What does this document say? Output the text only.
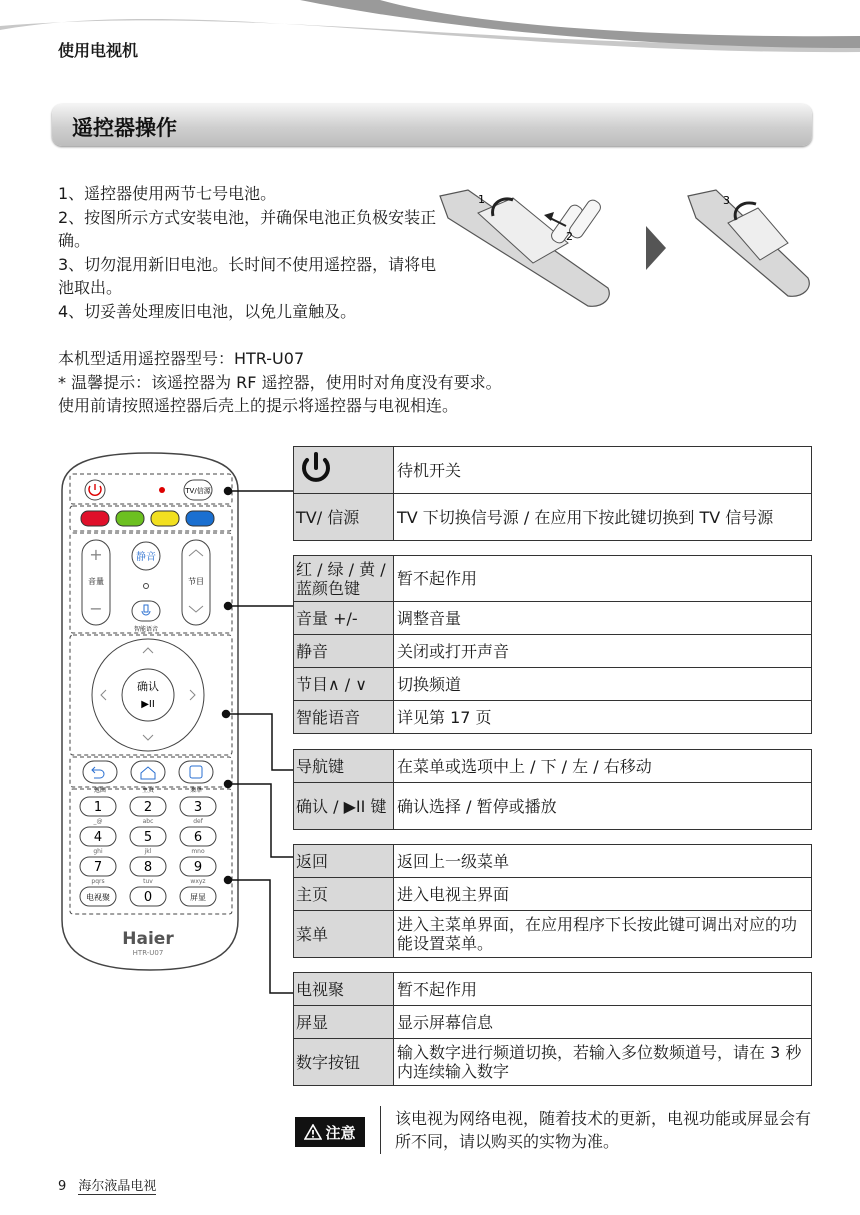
使用电视机
遥控器操作
1、遥控器使用两节七号电池。
2、按图所示方式安装电池，并确保电池正负极安装正确。
3、切勿混用新旧电池。长时间不使用遥控器，请将电池取出。
4、切妥善处理废旧电池，以免儿童触及。
1
2
3
本机型适用遥控器型号：HTR-U07
* 温馨提示：该遥控器为 RF 遥控器，使用时对角度没有要求。
使用前请按照遥控器后壳上的提示将遥控器与电视相连。
TV/信源
+
音量
−
静音
智能语音
节目
确认
▶II
返回	主页	菜单
1
_@
2
abc
3
def
4
ghi
5
jkl
6
mno
7
pqrs
8
tuv
9
wxyz
电视聚	0	屏显
Haier
HTR-U07
	待机开关
TV/ 信源	TV 下切换信号源 / 在应用下按此键切换到 TV 信号源
红 / 绿 / 黄 / 蓝颜色键	暂不起作用
音量 +/-	调整音量
静音	关闭或打开声音
节目∧ / ∨	切换频道
智能语音	详见第 17 页
导航键	在菜单或选项中上 / 下 / 左 / 右移动
确认 / ▶II 键	确认选择 / 暂停或播放
返回	返回上一级菜单
主页	进入电视主界面
菜单	进入主菜单界面，在应用程序下长按此键可调出对应的功能设置菜单。
电视聚	暂不起作用
屏显	显示屏幕信息
数字按钮	输入数字进行频道切换，若输入多位数频道号，请在 3 秒内连续输入数字
注意
该电视为网络电视，随着技术的更新，电视功能或屏显会有所不同，请以购买的实物为准。
9 海尔液晶电视
